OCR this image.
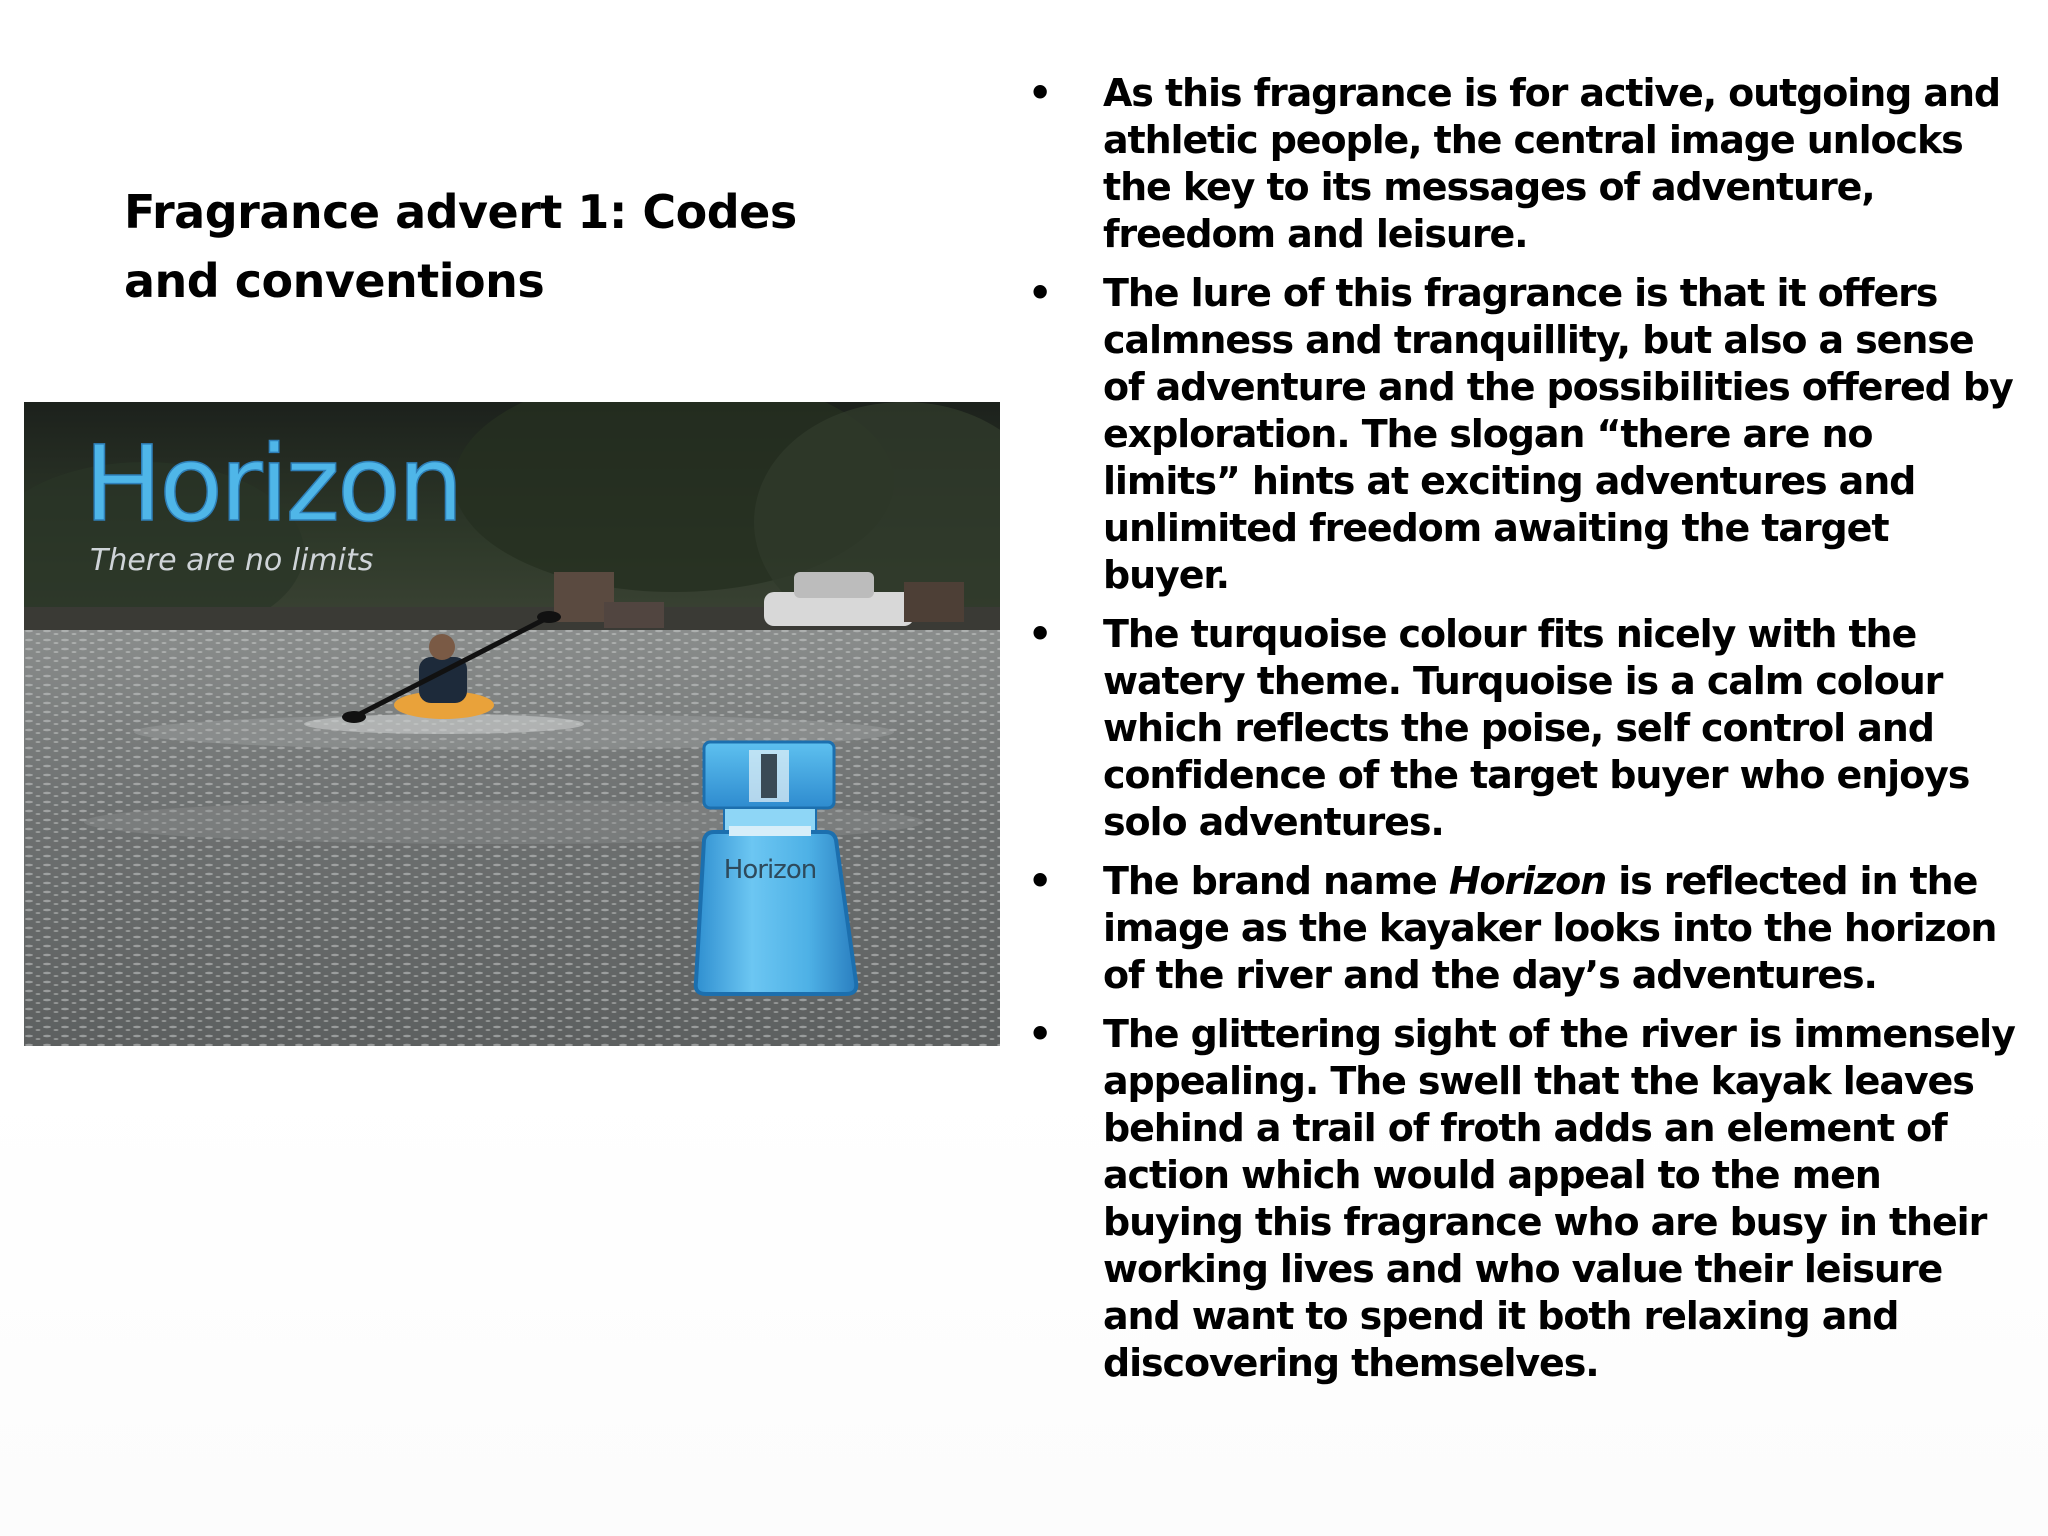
Fragrance advert 1: Codes and conventions
Horizon
There are no limits
Horizon
• As this fragrance is for active, outgoing and athletic people, the central image unlocks the key to its messages of adventure, freedom and leisure.
• The lure of this fragrance is that it offers calmness and tranquillity, but also a sense of adventure and the possibilities offered by exploration. The slogan “there are no limits” hints at exciting adventures and unlimited freedom awaiting the target buyer.
• The turquoise colour fits nicely with the watery theme. Turquoise is a calm colour which reflects the poise, self control and confidence of the target buyer who enjoys solo adventures.
• The brand name Horizon is reflected in the image as the kayaker looks into the horizon of the river and the day’s adventures.
• The glittering sight of the river is immensely appealing. The swell that the kayak leaves behind a trail of froth adds an element of action which would appeal to the men buying this fragrance who are busy in their working lives and who value their leisure and want to spend it both relaxing and discovering themselves.
